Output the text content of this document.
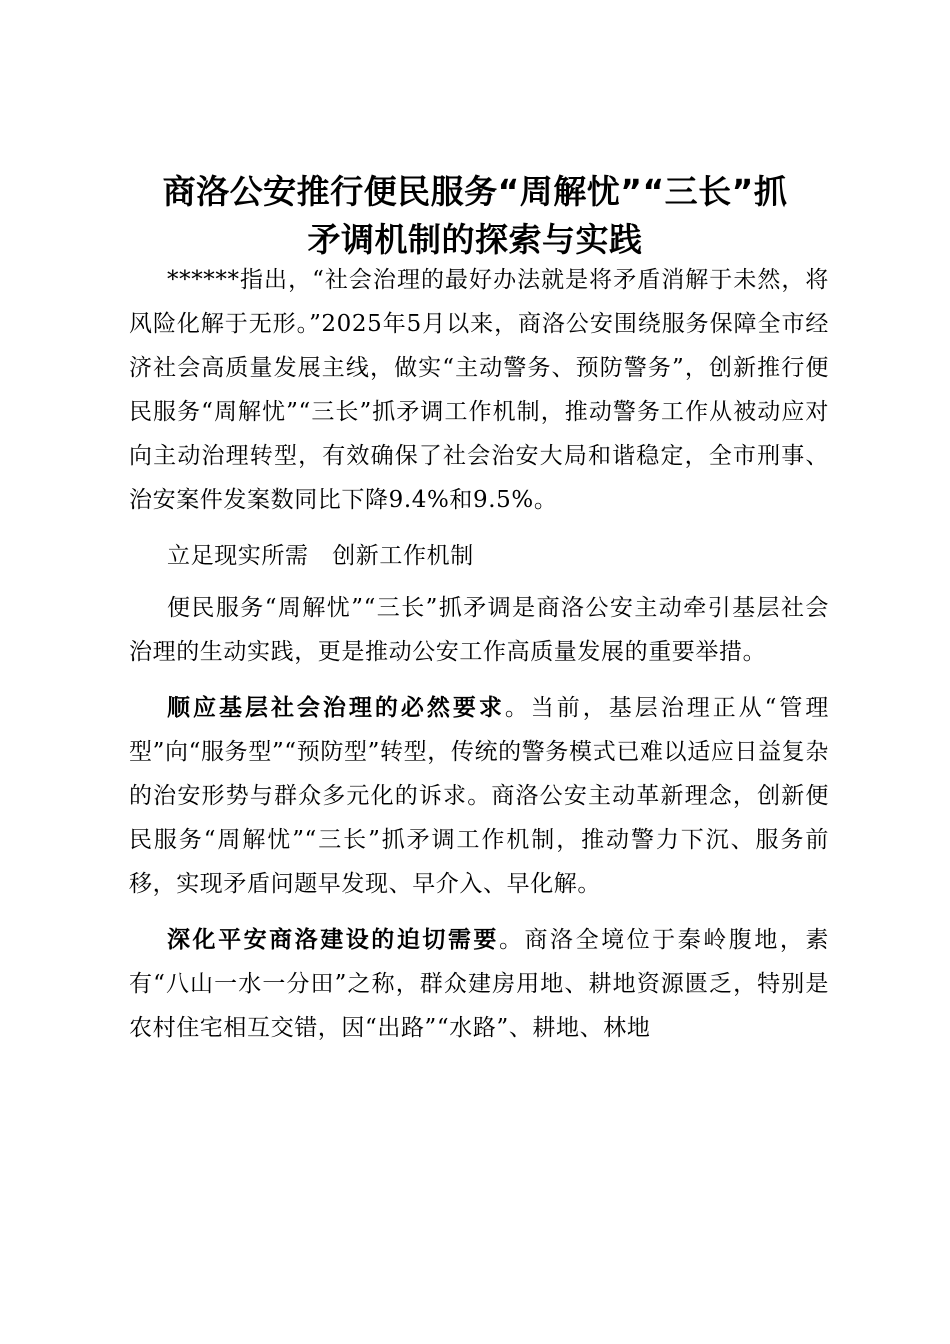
商洛公安推行便民服务“周解忧”“三长”抓
矛调机制的探索与实践

******指出，“社会治理的最好办法就是将矛盾消解于未然，将风险化解于无形。”2025年5月以来，商洛公安围绕服务保障全市经济社会高质量发展主线，做实“主动警务、预防警务”，创新推行便民服务“周解忧”“三长”抓矛调工作机制，推动警务工作从被动应对向主动治理转型，有效确保了社会治安大局和谐稳定，全市刑事、治安案件发案数同比下降9.4%和9.5%。

立足现实所需　创新工作机制

便民服务“周解忧”“三长”抓矛调是商洛公安主动牵引基层社会治理的生动实践，更是推动公安工作高质量发展的重要举措。

顺应基层社会治理的必然要求。当前，基层治理正从“管理型”向“服务型”“预防型”转型，传统的警务模式已难以适应日益复杂的治安形势与群众多元化的诉求。商洛公安主动革新理念，创新便民服务“周解忧”“三长”抓矛调工作机制，推动警力下沉、服务前移，实现矛盾问题早发现、早介入、早化解。

深化平安商洛建设的迫切需要。商洛全境位于秦岭腹地，素有“八山一水一分田”之称，群众建房用地、耕地资源匮乏，特别是农村住宅相互交错，因“出路”“水路”、耕地、林地
